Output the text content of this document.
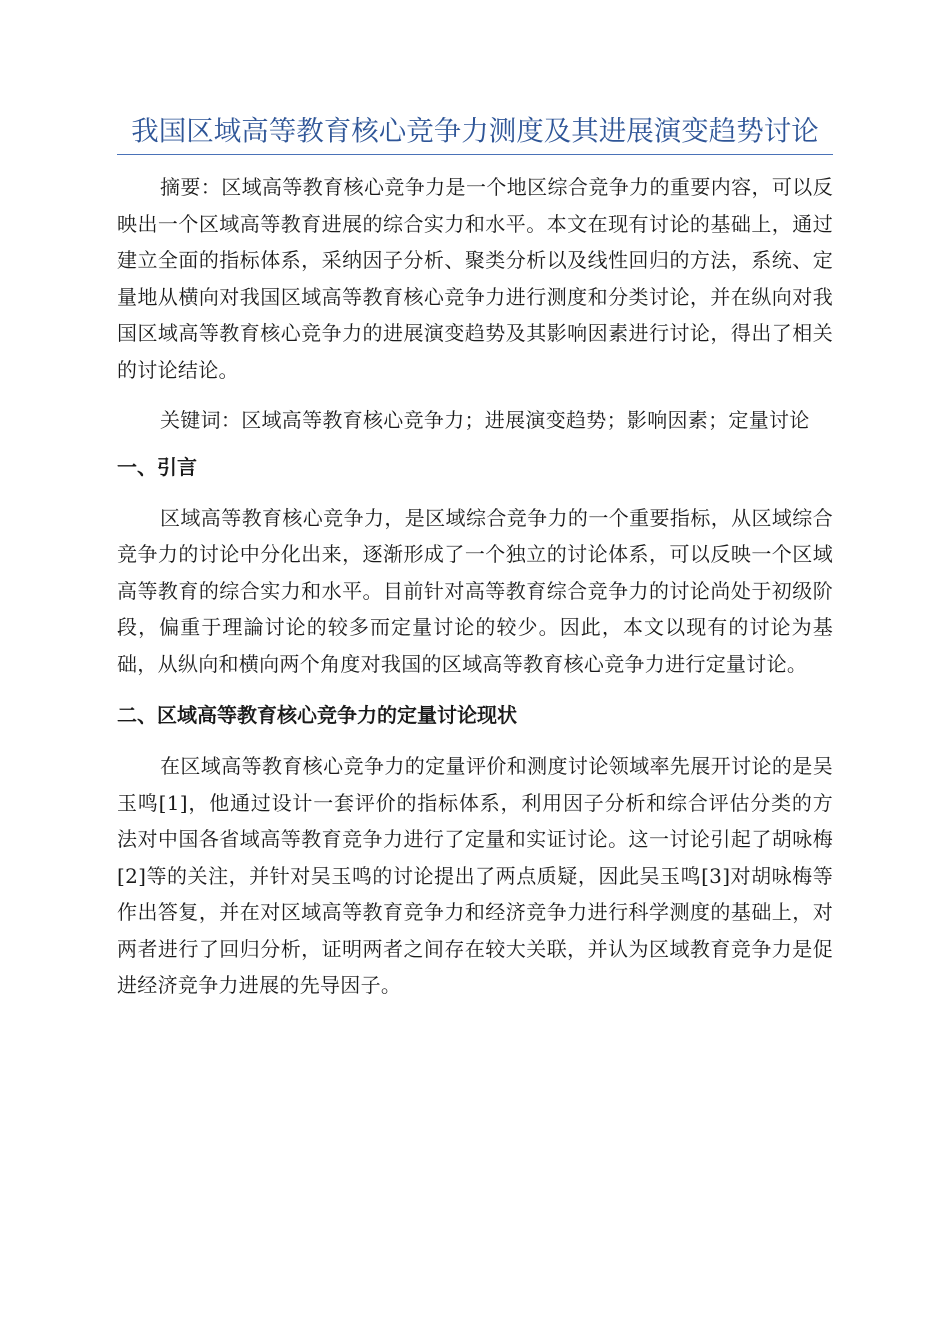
我国区域高等教育核心竞争力测度及其进展演变趋势讨论

摘要：区域高等教育核心竞争力是一个地区综合竞争力的重要内容，可以反映出一个区域高等教育进展的综合实力和水平。本文在现有讨论的基础上，通过建立全面的指标体系，采纳因子分析、聚类分析以及线性回归的方法，系统、定量地从横向对我国区域高等教育核心竞争力进行测度和分类讨论，并在纵向对我国区域高等教育核心竞争力的进展演变趋势及其影响因素进行讨论，得出了相关的讨论结论。

关键词：区域高等教育核心竞争力；进展演变趋势；影响因素；定量讨论

一、引言

区域高等教育核心竞争力，是区域综合竞争力的一个重要指标，从区域综合竞争力的讨论中分化出来，逐渐形成了一个独立的讨论体系，可以反映一个区域高等教育的综合实力和水平。目前针对高等教育综合竞争力的讨论尚处于初级阶段，偏重于理論讨论的较多而定量讨论的较少。因此，本文以现有的讨论为基础，从纵向和横向两个角度对我国的区域高等教育核心竞争力进行定量讨论。

二、区域高等教育核心竞争力的定量讨论现状

在区域高等教育核心竞争力的定量评价和测度讨论领域率先展开讨论的是吴玉鸣[1]，他通过设计一套评价的指标体系，利用因子分析和综合评估分类的方法对中国各省域高等教育竞争力进行了定量和实证讨论。这一讨论引起了胡咏梅[2]等的关注，并针对吴玉鸣的讨论提出了两点质疑，因此吴玉鸣[3]对胡咏梅等作出答复，并在对区域高等教育竞争力和经济竞争力进行科学测度的基础上，对两者进行了回归分析，证明两者之间存在较大关联，并认为区域教育竞争力是促进经济竞争力进展的先导因子。
